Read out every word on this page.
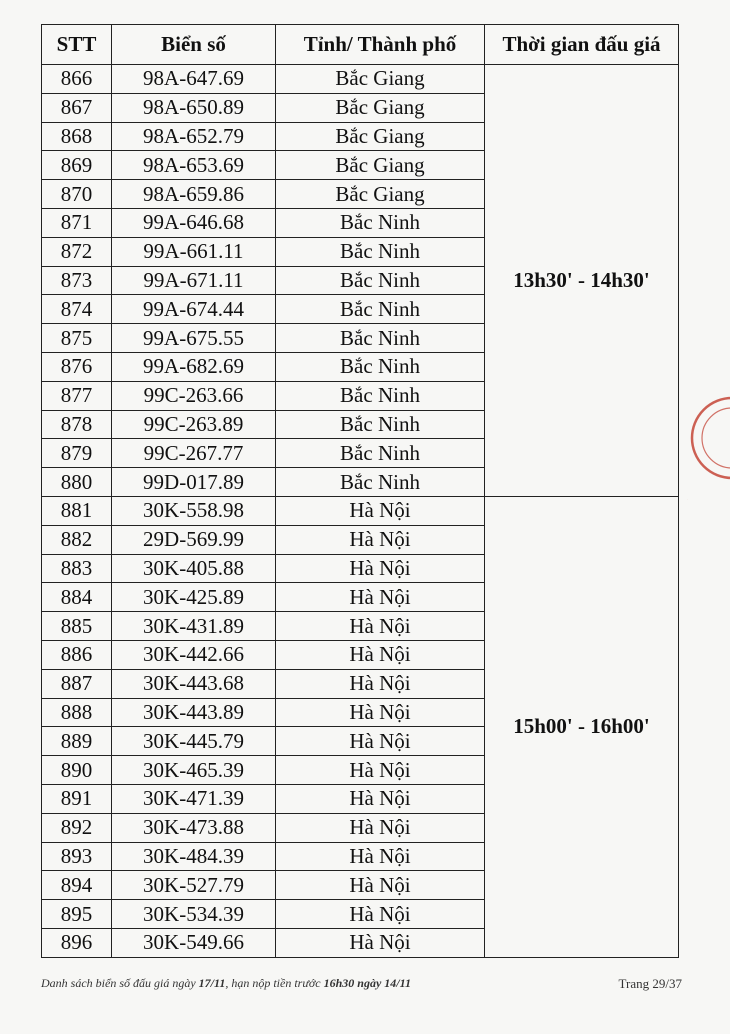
STT	Biển số	Tỉnh/ Thành phố	Thời gian đấu giá
866	98A-647.69	Bắc Giang	13h30' - 14h30'
867	98A-650.89	Bắc Giang	
868	98A-652.79	Bắc Giang	
869	98A-653.69	Bắc Giang	
870	98A-659.86	Bắc Giang	
871	99A-646.68	Bắc Ninh	
872	99A-661.11	Bắc Ninh	
873	99A-671.11	Bắc Ninh	
874	99A-674.44	Bắc Ninh	
875	99A-675.55	Bắc Ninh	
876	99A-682.69	Bắc Ninh	
877	99C-263.66	Bắc Ninh	
878	99C-263.89	Bắc Ninh	
879	99C-267.77	Bắc Ninh	
880	99D-017.89	Bắc Ninh	
881	30K-558.98	Hà Nội	15h00' - 16h00'
882	29D-569.99	Hà Nội	
883	30K-405.88	Hà Nội	
884	30K-425.89	Hà Nội	
885	30K-431.89	Hà Nội	
886	30K-442.66	Hà Nội	
887	30K-443.68	Hà Nội	
888	30K-443.89	Hà Nội	
889	30K-445.79	Hà Nội	
890	30K-465.39	Hà Nội	
891	30K-471.39	Hà Nội	
892	30K-473.88	Hà Nội	
893	30K-484.39	Hà Nội	
894	30K-527.79	Hà Nội	
895	30K-534.39	Hà Nội	
896	30K-549.66	Hà Nội	
Danh sách biển số đấu giá ngày 17/11, hạn nộp tiền trước 16h30 ngày 14/11	Trang 29/37
